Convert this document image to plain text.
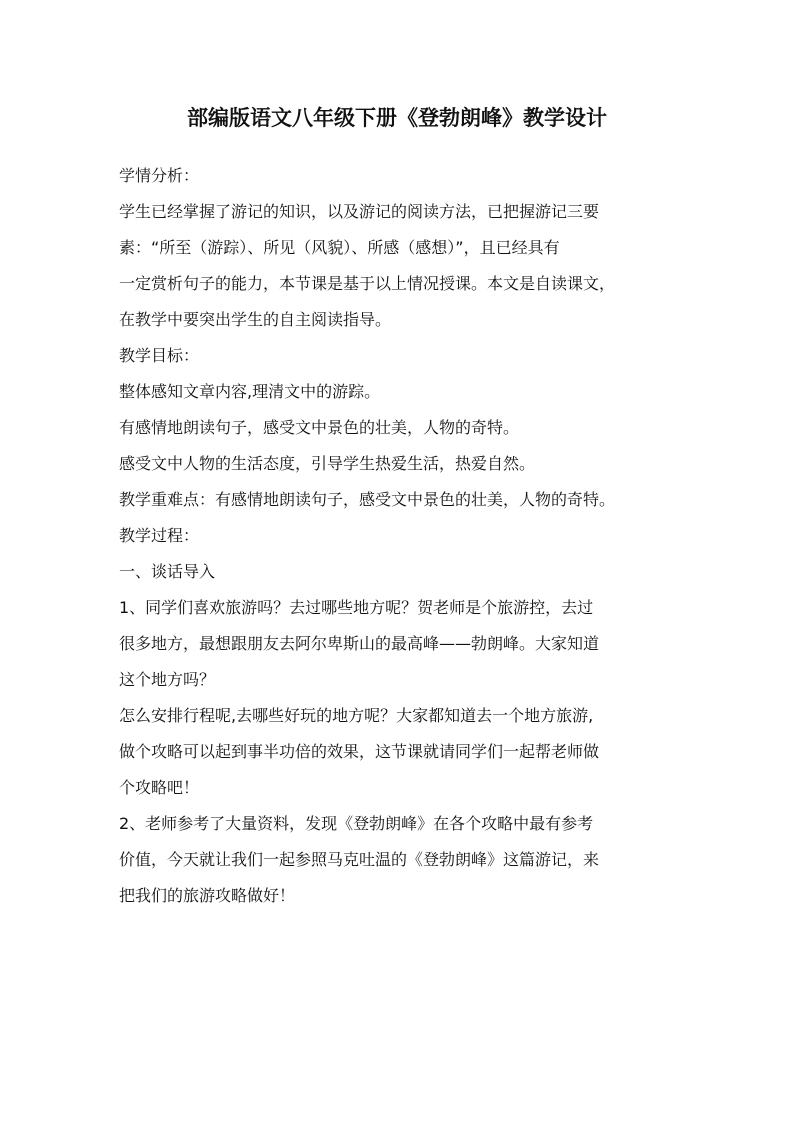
部编版语文八年级下册《登勃朗峰》教学设计
学情分析：
学生已经掌握了游记的知识，以及游记的阅读方法，已把握游记三要
素：“所至（游踪）、所见（风貌）、所感（感想）”，且已经具有
一定赏析句子的能力，本节课是基于以上情况授课。本文是自读课文，
在教学中要突出学生的自主阅读指导。
教学目标：
整体感知文章内容,理清文中的游踪。
有感情地朗读句子，感受文中景色的壮美，人物的奇特。
感受文中人物的生活态度，引导学生热爱生活，热爱自然。
教学重难点：有感情地朗读句子，感受文中景色的壮美，人物的奇特。
教学过程：
一、谈话导入
1、同学们喜欢旅游吗？去过哪些地方呢？贺老师是个旅游控，去过
很多地方，最想跟朋友去阿尔卑斯山的最高峰——勃朗峰。大家知道
这个地方吗？
怎么安排行程呢,去哪些好玩的地方呢？大家都知道去一个地方旅游,
做个攻略可以起到事半功倍的效果，这节课就请同学们一起帮老师做
个攻略吧！
2、老师参考了大量资料，发现《登勃朗峰》在各个攻略中最有参考
价值，今天就让我们一起参照马克吐温的《登勃朗峰》这篇游记，来
把我们的旅游攻略做好！
